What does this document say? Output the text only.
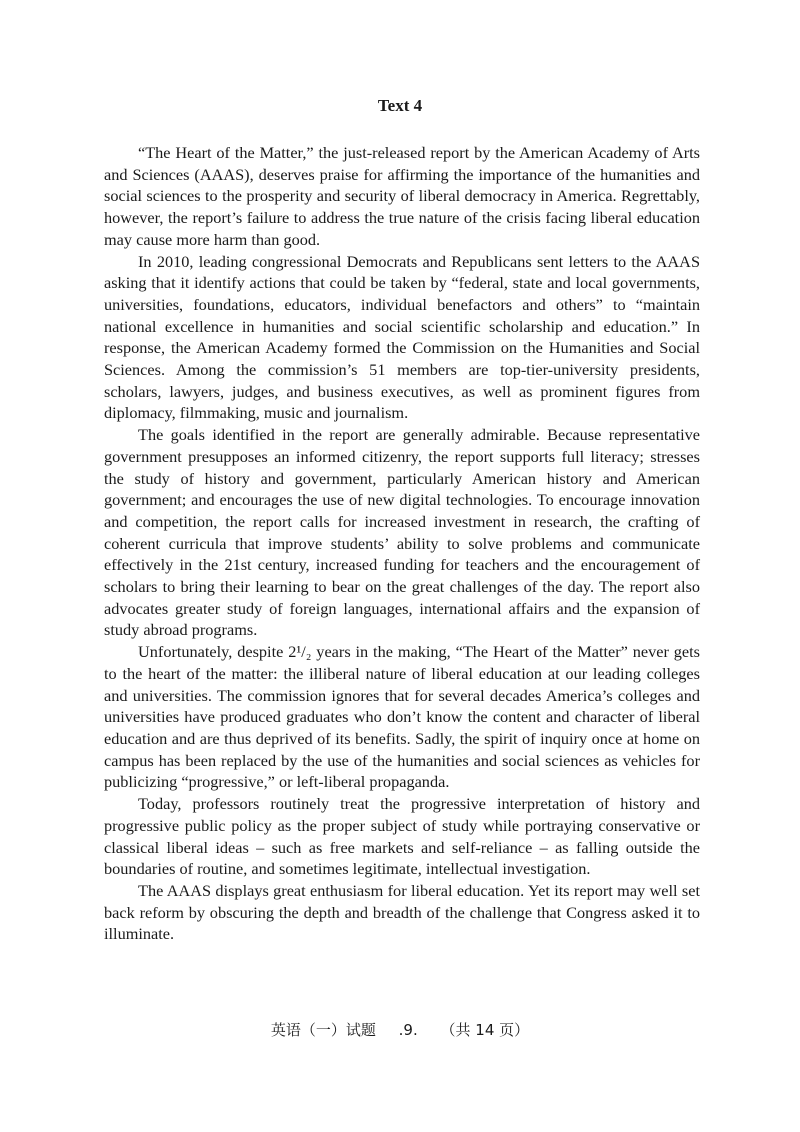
Text 4

“The Heart of the Matter,” the just-released report by the American Academy of Arts and Sciences (AAAS), deserves praise for affirming the importance of the humanities and social sciences to the prosperity and security of liberal democracy in America. Regrettably, however, the report’s failure to address the true nature of the crisis facing liberal education may cause more harm than good.

In 2010, leading congressional Democrats and Republicans sent letters to the AAAS asking that it identify actions that could be taken by “federal, state and local governments, universities, foundations, educators, individual benefactors and others” to “maintain national excellence in humanities and social scientific scholarship and education.” In response, the American Academy formed the Commission on the Humanities and Social Sciences. Among the commission’s 51 members are top-tier-university presidents, scholars, lawyers, judges, and business executives, as well as prominent figures from diplomacy, filmmaking, music and journalism.

The goals identified in the report are generally admirable. Because representative government presupposes an informed citizenry, the report supports full literacy; stresses the study of history and government, particularly American history and American government; and encourages the use of new digital technologies. To encourage innovation and competition, the report calls for increased investment in research, the crafting of coherent curricula that improve students’ ability to solve problems and communicate effectively in the 21st century, increased funding for teachers and the encouragement of scholars to bring their learning to bear on the great challenges of the day. The report also advocates greater study of foreign languages, international affairs and the expansion of study abroad programs.

Unfortunately, despite 2¹/₂ years in the making, “The Heart of the Matter” never gets to the heart of the matter: the illiberal nature of liberal education at our leading colleges and universities. The commission ignores that for several decades America’s colleges and universities have produced graduates who don’t know the content and character of liberal education and are thus deprived of its benefits. Sadly, the spirit of inquiry once at home on campus has been replaced by the use of the humanities and social sciences as vehicles for publicizing “progressive,” or left-liberal propaganda.

Today, professors routinely treat the progressive interpretation of history and progressive public policy as the proper subject of study while portraying conservative or classical liberal ideas – such as free markets and self-reliance – as falling outside the boundaries of routine, and sometimes legitimate, intellectual investigation.

The AAAS displays great enthusiasm for liberal education. Yet its report may well set back reform by obscuring the depth and breadth of the challenge that Congress asked it to illuminate.

英语（一）试题 .9. （共 14 页）
